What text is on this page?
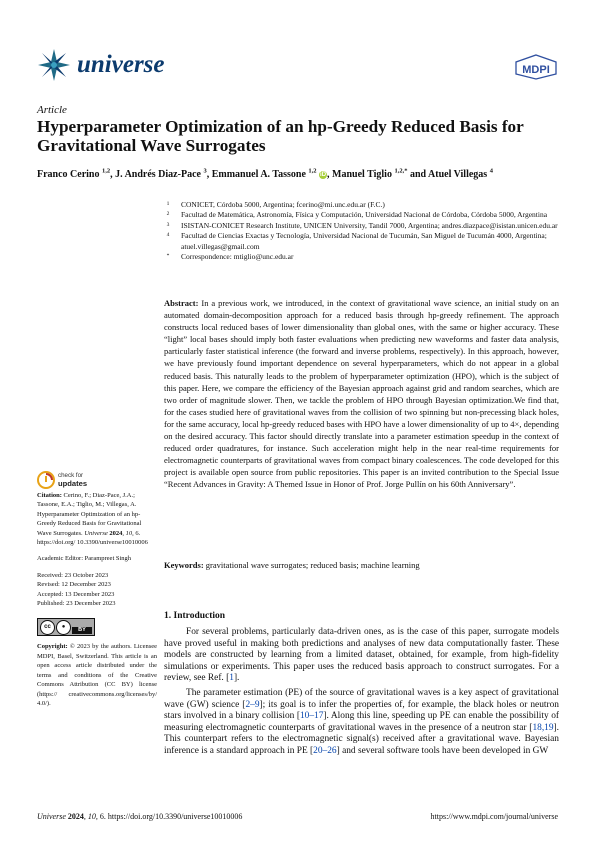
universe	MDPI
Article
Hyperparameter Optimization of an hp-Greedy Reduced Basis for Gravitational Wave Surrogates
Franco Cerino $^{1,2}$, J. Andrés Diaz-Pace $^3$, Emmanuel A. Tassone $^{1,2}$ iD, Manuel Tiglio $^{1,2,*}$ and Atuel Villegas $^4$
1	CONICET, Córdoba 5000, Argentina; fcerino@mi.unc.edu.ar (F.C.)
2	Facultad de Matemática, Astronomía, Física y Computación, Universidad Nacional de Córdoba, Córdoba 5000, Argentina
3	ISISTAN-CONICET Research Institute, UNICEN University, Tandil 7000, Argentina; andres.diazpace@isistan.unicen.edu.ar
4	Facultad de Ciencias Exactas y Tecnología, Universidad Nacional de Tucumán, San Miguel de Tucumán 4000, Argentina; atuel.villegas@gmail.com
*	Correspondence: mtiglio@unc.edu.ar
Abstract: In a previous work, we introduced, in the context of gravitational wave science, an initial study on an automated domain-decomposition approach for a reduced basis through hp-greedy refinement. The approach constructs local reduced bases of lower dimensionality than global ones, with the same or higher accuracy. These “light” local bases should imply both faster evaluations when predicting new waveforms and faster data analysis, particularly faster statistical inference (the forward and inverse problems, respectively). In this approach, however, we have previously found important dependence on several hyperparameters, which do not appear in a global reduced basis. This naturally leads to the problem of hyperparameter optimization (HPO), which is the subject of this paper. Here, we compare the efficiency of the Bayesian approach against grid and random searches, which are two order of magnitude slower. Then, we tackle the problem of HPO through Bayesian optimization.We find that, for the cases studied here of gravitational waves from the collision of two spinning but non-precessing black holes, for the same accuracy, local hp-greedy reduced bases with HPO have a lower dimensionality of up to 4×, depending on the desired accuracy. This factor should directly translate into a parameter estimation speedup in the context of reduced order quadratures, for instance. Such acceleration might help in the near real-time requirements for electromagnetic counterparts of gravitational waves from compact binary coalescences. The code developed for this project is available open source from public repositories. This paper is an invited contribution to the Special Issue “Recent Advances in Gravity: A Themed Issue in Honor of Prof. Jorge Pullín on his 60th Anniversary”.
Keywords: gravitational wave surrogates; reduced basis; machine learning
check for
updates
Citation: Cerino, F.; Diaz-Pace, J.A.; Tassone, E.A.; Tiglio, M.; Villegas, A. Hyperparameter Optimization of an hp-Greedy Reduced Basis for Gravitational Wave Surrogates. Universe 2024, 10, 6. https://doi.org/ 10.3390/universe10010006
Academic Editor: Parampreet Singh
Received: 23 October 2023
Revised: 12 December 2023
Accepted: 13 December 2023
Published: 23 December 2023
cc	●	BY
Copyright: © 2023 by the authors. Licensee MDPI, Basel, Switzerland. This article is an open access article distributed under the terms and conditions of the Creative Commons Attribution (CC BY) license (https:// creativecommons.org/licenses/by/ 4.0/).
1. Introduction

For several problems, particularly data-driven ones, as is the case of this paper, surrogate models have proved useful in making both predictions and analyses of new data computationally faster. These models are constructed by learning from a limited dataset, obtained, for example, from high-fidelity simulations or experiments. This paper uses the reduced basis approach to construct surrogates. For a review, see Ref. [1].

The parameter estimation (PE) of the source of gravitational waves is a key aspect of gravitational wave (GW) science [2–9]; its goal is to infer the properties of, for example, the black holes or neutron stars involved in a binary collision [10–17]. Along this line, speeding up PE can enable the possibility of measuring electromagnetic counterparts of gravitational waves in the presence of a neutron star [18,19]. This counterpart refers to the electromagnetic signal(s) received after a gravitational wave. Bayesian inference is a standard approach in PE [20–26] and several software tools have been developed in GW

Universe 2024, 10, 6. https://doi.org/10.3390/universe10010006	https://www.mdpi.com/journal/universe
